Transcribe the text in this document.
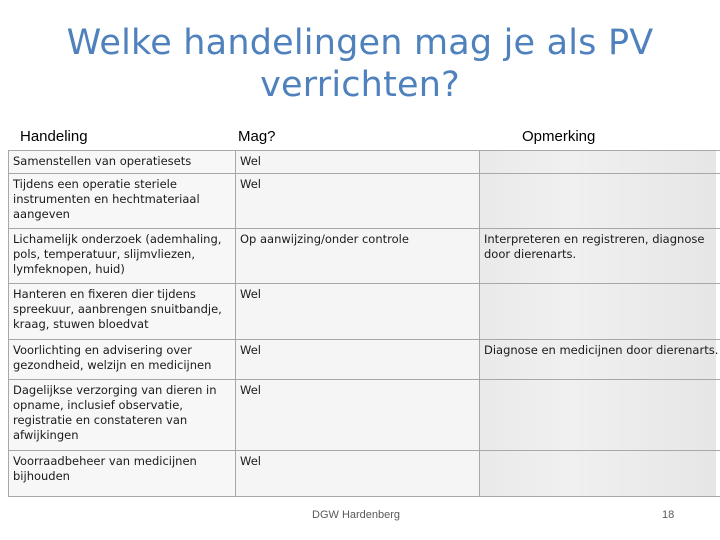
Welke handelingen mag je als PV verrichten?
Handeling	Mag?	Opmerking
Samenstellen van operatiesets	Wel	
Tijdens een operatie steriele instrumenten en hechtmateriaal aangeven	Wel	
Lichamelijk onderzoek (ademhaling, pols, temperatuur, slijmvliezen, lymfeknopen, huid)	Op aanwijzing/onder controle	Interpreteren en registreren, diagnose door dierenarts.
Hanteren en fixeren dier tijdens spreekuur, aanbrengen snuitbandje, kraag, stuwen bloedvat	Wel	
Voorlichting en advisering over gezondheid, welzijn en medicijnen	Wel	Diagnose en medicijnen door dierenarts.
Dagelijkse verzorging van dieren in opname, inclusief observatie, registratie en constateren van afwijkingen	Wel	
Voorraadbeheer van medicijnen bijhouden	Wel	
DGW Hardenberg	18
